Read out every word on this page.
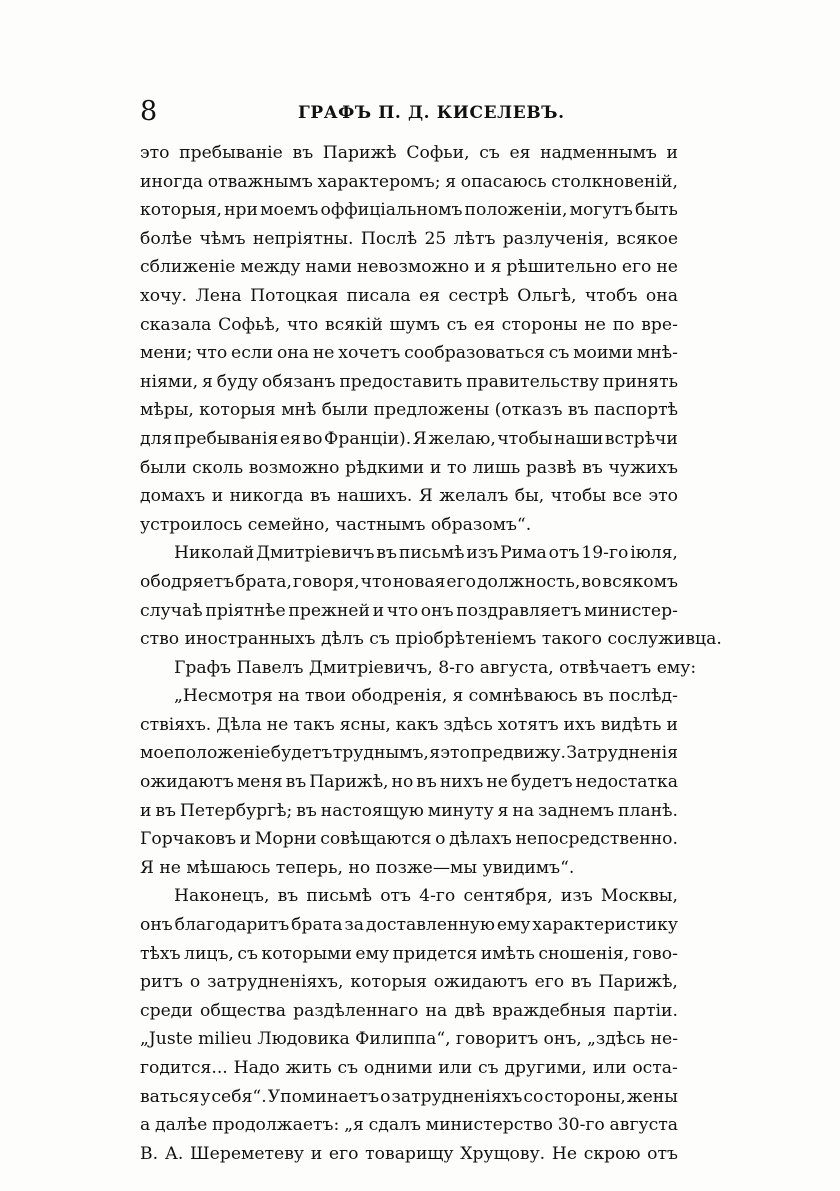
8	ГРАФЪ П. Д. КИСЕЛЕВЪ.
это пребываніе въ Парижѣ Софьи, съ ея надменнымъ и
иногда отважнымъ характеромъ; я опасаюсь столкновеній,
которыя, нри моемъ оффиціальномъ положеніи, могутъ быть
болѣе чѣмъ непріятны. Послѣ 25 лѣтъ разлученія, всякое
сближеніе между нами невозможно и я рѣшительно его не
хочу. Лена Потоцкая писала ея сестрѣ Ольгѣ, чтобъ она
сказала Софьѣ, что всякій шумъ съ ея стороны не по вре-
мени; что если она не хочетъ сообразоваться съ моими мнѣ-
ніями, я буду обязанъ предоставить правительству принять
мѣры, которыя мнѣ были предложены (отказъ въ паспортѣ
для пребыванія ея во Франціи). Я желаю, чтобы наши встрѣчи
были сколь возможно рѣдкими и то лишь развѣ въ чужихъ
домахъ и никогда въ нашихъ. Я желалъ бы, чтобы все это
устроилось семейно, частнымъ образомъ“.
Николай Дмитріевичъ въ письмѣ изъ Рима отъ 19-го іюля,
ободряетъ брата, говоря, что новая его должность, во всякомъ
случаѣ пріятнѣе прежней и что онъ поздравляетъ министер-
ство иностранныхъ дѣлъ съ пріобрѣтеніемъ такого сослуживца.
Графъ Павелъ Дмитріевичъ, 8-го августа, отвѣчаетъ ему:
„Несмотря на твои ободренія, я сомнѣваюсь въ послѣд-
ствіяхъ. Дѣла не такъ ясны, какъ здѣсь хотятъ ихъ видѣть и
мое положеніе будетъ труднымъ, я это предвижу. Затрудненія
ожидаютъ меня въ Парижѣ, но въ нихъ не будетъ недостатка
и въ Петербургѣ; въ настоящую минуту я на заднемъ планѣ.
Горчаковъ и Морни совѣщаются о дѣлахъ непосредственно.
Я не мѣшаюсь теперь, но позже—мы увидимъ“.
Наконецъ, въ письмѣ отъ 4-го сентября, изъ Москвы,
онъ благодаритъ брата за доставленную ему характеристику
тѣхъ лицъ, съ которыми ему придется имѣть сношенія, гово-
ритъ о затрудненіяхъ, которыя ожидаютъ его въ Парижѣ,
среди общества раздѣленнаго на двѣ враждебныя партіи.
„Juste milieu Людовика Филиппа“, говоритъ онъ, „здѣсь не-
годится... Надо жить съ одними или съ другими, или оста-
ваться у себя“. Упоминаетъ о затрудненіяхъ со стороны, жены
а далѣе продолжаетъ: „я сдалъ министерство 30-го августа
В. А. Шереметеву и его товарищу Хрущову. Не скрою отъ
